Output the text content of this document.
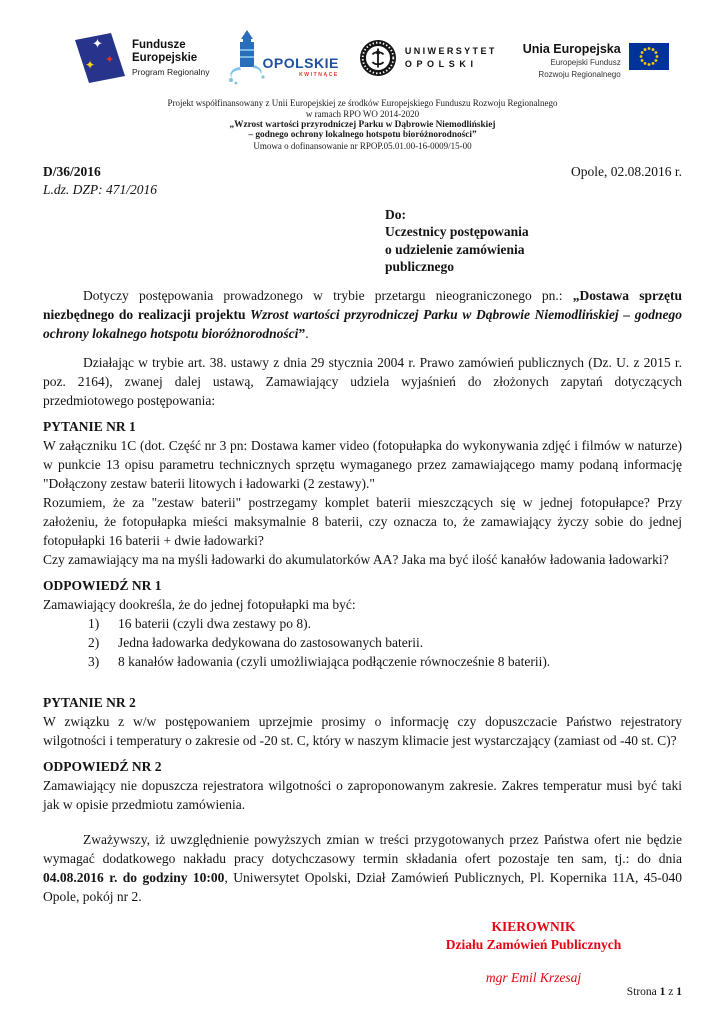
✦
✦
✦
Fundusze
Europejskie
Program Regionalny
OPOLSKIE
KWITNĄCE
UNIWERSYTET
OPOLSKI
Unia Europejska
Europejski Fundusz
Rozwoju Regionalnego
Projekt współfinansowany z Unii Europejskiej ze środków Europejskiego Funduszu Rozwoju Regionalnego
w ramach RPO WO 2014-2020
„Wzrost wartości przyrodniczej Parku w Dąbrowie Niemodlińskiej
– godnego ochrony lokalnego hotspotu bioróżnorodności”
Umowa o dofinansowanie nr RPOP.05.01.00-16-0009/15-00
D/36/2016	Opole, 02.08.2016 r.
L.dz. DZP: 471/2016
Do:
Uczestnicy postępowania
o udzielenie zamówienia
publicznego

Dotyczy postępowania prowadzonego w trybie przetargu nieograniczonego pn.: „Dostawa sprzętu niezbędnego do realizacji projektu Wzrost wartości przyrodniczej Parku w Dąbrowie Niemodlińskiej – godnego ochrony lokalnego hotspotu bioróżnorodności”.

Działając w trybie art. 38. ustawy z dnia 29 stycznia 2004 r. Prawo zamówień publicznych (Dz. U. z 2015 r. poz. 2164), zwanej dalej ustawą, Zamawiający udziela wyjaśnień do złożonych zapytań dotyczących przedmiotowego postępowania:

PYTANIE NR 1

W załączniku 1C (dot. Część nr 3 pn: Dostawa kamer video (fotopułapka do wykonywania zdjęć i filmów w naturze) w punkcie 13 opisu parametru technicznych sprzętu wymaganego przez zamawiającego mamy podaną informację "Dołączony zestaw baterii litowych i ładowarki (2 zestawy)."

Rozumiem, że za "zestaw baterii" postrzegamy komplet baterii mieszczących się w jednej fotopułapce? Przy założeniu, że fotopułapka mieści maksymalnie 8 baterii, czy oznacza to, że zamawiający życzy sobie do jednej fotopułapki 16 baterii + dwie ładowarki?

Czy zamawiający ma na myśli ładowarki do akumulatorków AA? Jaka ma być ilość kanałów ładowania ładowarki?

ODPOWIEDŹ NR 1

Zamawiający dookreśla, że do jednej fotopułapki ma być:

1)	16 baterii (czyli dwa zestawy po 8).
2)	Jedna ładowarka dedykowana do zastosowanych baterii.
3)	8 kanałów ładowania (czyli umożliwiająca podłączenie równocześnie 8 baterii).
PYTANIE NR 2

W związku z w/w postępowaniem uprzejmie prosimy o informację czy dopuszczacie Państwo rejestratory wilgotności i temperatury o zakresie od -20 st. C, który w naszym klimacie jest wystarczający (zamiast od -40 st. C)?

ODPOWIEDŹ NR 2

Zamawiający nie dopuszcza rejestratora wilgotności o zaproponowanym zakresie. Zakres temperatur musi być taki jak w opisie przedmiotu zamówienia.

Zważywszy, iż uwzględnienie powyższych zmian w treści przygotowanych przez Państwa ofert nie będzie wymagać dodatkowego nakładu pracy dotychczasowy termin składania ofert pozostaje ten sam, tj.: do dnia 04.08.2016 r. do godziny 10:00, Uniwersytet Opolski, Dział Zamówień Publicznych, Pl. Kopernika 11A, 45-040 Opole, pokój nr 2.

KIEROWNIK
Działu Zamówień Publicznych
mgr Emil Krzesaj
Strona 1 z 1
